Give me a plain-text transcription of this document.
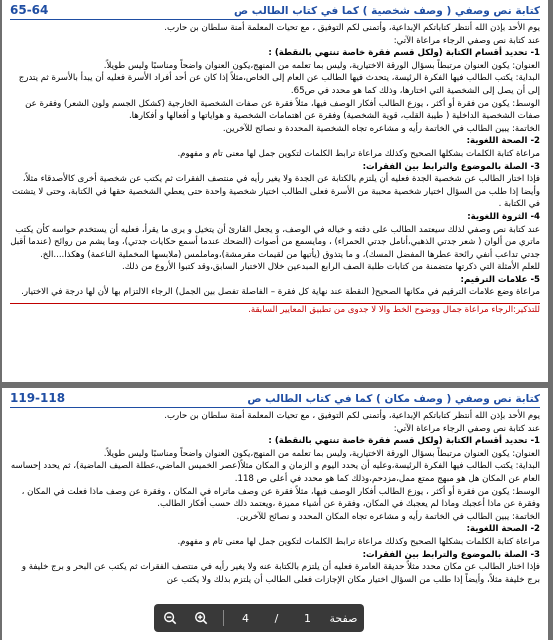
كتابة نص وصفي ( وصف شخصية ) كما في كتاب الطالب ص
65-64

يوم الأحد بإذن الله أنتظر كتاباتكم الإبداعية، وأتمنى لكم التوفيق ، مع تحيات المعلمة أمنة سلطان بن حارب.

عند كتابة نص وصفي الرجاء مراعاة الآتي:

1- تحديد أقسام الكتابة (ولكل قسم فقرة خاصة تنتهي بالنقطة) :

العنوان: يكون العنوان مرتبطاً بسؤال الورقة الاختيارية، وليس بما تعلمه من المنهج،يكون العنوان واضحاً ومناسبًا وليس طويلاً.

البداية: يكتب الطالب فيها الفكرة الرئيسة، يتحدث فيها الطالب عن العام إلى الخاص،مثلاً إذا كان عن أحد أفراد الأسرة فعليه أن يبدأ بالأسرة ثم يتدرج إلى أن يصل إلى الشخصية التي اختارها، وذلك كما هو محدد في ص65.

الوسط: يكون من فقرة أو أكثر ، يوزع الطالب أفكار الوصف فيها، مثلاً فقرة عن صفات الشخصية الخارجية (كشكل الجسم ولون الشعر) وفقرة عن صفات الشخصية الداخلية ( طيبة القلب، قوية الشخصية) وفقرة عن اهتمامات الشخصية و هواياتها و أفعالها و أفكارها.

الخاتمة: يبين الطالب في الخاتمة رأيه و مشاعره تجاه الشخصية المحددة و نصائح للآخرين.

2- الصحة اللغوية:

مراعاة كتابة الكلمات بشكلها الصحيح وكذلك مراعاة ترابط الكلمات لتكوين جمل لها معنى تام و مفهوم.

3- الصلة بالموضوع والترابط بين الفقرات:

فإذا اختار الطالب عن شخصية الجدة فعليه أن يلتزم بالكتابة عن الجدة ولا يغير رأيه في منتصف الفقرات ثم يكتب عن شخصية أخرى كالأصدقاء مثلاً، وأيضا إذا طلب من السؤال اختيار شخصية محببة من الأسرة فعلى الطالب اختيار شخصية واحدة حتى يعطي الشخصية حقها في الكتابة، وحتى لا يتشتت في الكتابة .

4- الثروة اللغوية:

عند كتابة نص وصفي لذلك سيعتمد الطالب على دقته و خياله في الوصف، و يجعل القارئ أن يتخيل و يرى ما يقرأ، فعليه أن يستخدم حواسه كأن يكتب ماتري من ألوان ( شعر جدتي الذهبي،أنامل جدتي الحمراء) ، ومايسمع من أصوات (الضحك عندما أسمع حكايات جدتي)، وما يشم من روائح (عندما أقبل جدتي تداعب أنفي رائحة عطرها المفضل المسك)، و ما يتذوق (يأتيها من لقيمات مقرمشة)،وماملمس (ملابسها المخملية الناعمة) وهكذا....الخ.

للعلم الأمثلة التي ذكرتها متضمنة من كتابات طلبة الصف الرابع المبدعين خلال الاختبار السابق،وقد كتبوا الأروع من ذلك.

5- علامات الترقيم:

مراعاة وضع علامات الترقيم في مكانها الصحيح( النقطة عند نهاية كل فقرة – الفاصلة تفصل بين الجمل) الرجاء الالتزام بها لأن لها درجة في الاختيار.

للتذكير:الرجاء مراعاة جمال ووضوح الخط والا لا جدوى من تطبيق المعايير السابقة.

كتابة نص وصفي ( وصف مكان ) كما في كتاب الطالب ص
119-118

يوم الأحد بإذن الله أنتظر كتاباتكم الإبداعية، وأتمنى لكم التوفيق ، مع تحيات المعلمة أمنة سلطان بن حارب.

عند كتابة نص وصفي الرجاء مراعاة الآتي:

1- تحديد أقسام الكتابة (ولكل قسم فقرة خاصة تنتهي بالنقطة) :

العنوان: يكون العنوان مرتبطاً بسؤال الورقة الاختيارية، وليس بما تعلمه من المنهج،يكون العنوان واضحاً ومناسبًا وليس طويلاً.

البداية: يكتب الطالب فيها الفكرة الرئيسة،وعليه أن يحدد اليوم و الزمان و المكان مثلاً(عصر الخميس الماضي،عطلة الصيف الماضية)، ثم يحدد إحساسه العام عن المكان هل هو مبهج ممتع ممل،مزدحم،وذلك كما هو محدد في أعلى ص 118.

الوسط: يكون من فقرة أو أكثر ، يوزع الطالب أفكار الوصف فيها، مثلاً فقرة عن وصف ماتراه في المكان ، وفقرة عن وصف ماذا فعلت في المكان ، وفقرة عن ماذا أعجبك وماذا لم يعجبك في المكان، وفقرة عن أشياء مميزة ،ويعتمد ذلك حسب أفكار الطالب.

الخاتمة: يبين الطالب في الخاتمة رأيه و مشاعره تجاه المكان المحدد و نصائح للآخرين.

2- الصحة اللغوية:

مراعاة كتابة الكلمات بشكلها الصحيح وكذلك مراعاة ترابط الكلمات لتكوين جمل لها معنى تام و مفهوم.

3- الصلة بالموضوع والترابط بين الفقرات:

فإذا اختار الطالب عن مكان محدد مثلاً حديقة العامرة فعليه أن يلتزم بالكتابة عنه ولا يغير رأيه في منتصف الفقرات ثم يكتب عن البحر و برج خليفة و برج خليفة مثلاً، وأيضاً إذا طلب من السؤال اختيار مكان الإجازات فعلى الطالب أن يلتزم بذلك ولا يكتب عن

4	/	1	صفحة
